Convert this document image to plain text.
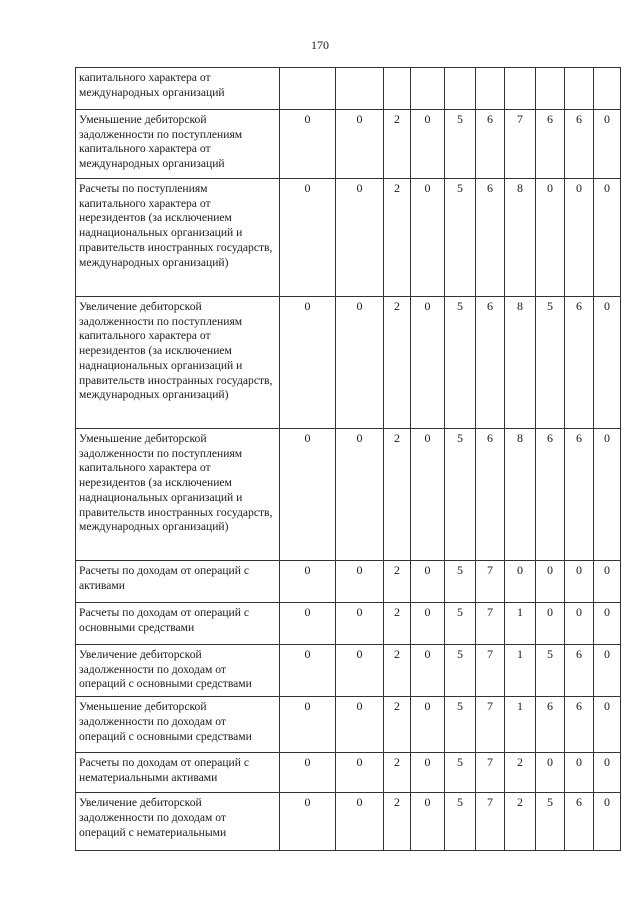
170
капитального характера от международных организаций										
Уменьшение дебиторской задолженности по поступлениям капитального характера от международных организаций	0	0	2	0	5	6	7	6	6	0
Расчеты по поступлениям капитального характера от нерезидентов (за исключением наднациональных организаций и правительств иностранных государств, международных организаций)	0	0	2	0	5	6	8	0	0	0
Увеличение дебиторской задолженности по поступлениям капитального характера от нерезидентов (за исключением наднациональных организаций и правительств иностранных государств, международных организаций)	0	0	2	0	5	6	8	5	6	0
Уменьшение дебиторской задолженности по поступлениям капитального характера от нерезидентов (за исключением наднациональных организаций и правительств иностранных государств, международных организаций)	0	0	2	0	5	6	8	6	6	0
Расчеты по доходам от операций с активами	0	0	2	0	5	7	0	0	0	0
Расчеты по доходам от операций с основными средствами	0	0	2	0	5	7	1	0	0	0
Увеличение дебиторской задолженности по доходам от операций с основными средствами	0	0	2	0	5	7	1	5	6	0
Уменьшение дебиторской задолженности по доходам от операций с основными средствами	0	0	2	0	5	7	1	6	6	0
Расчеты по доходам от операций с нематериальными активами	0	0	2	0	5	7	2	0	0	0
Увеличение дебиторской задолженности по доходам от операций с нематериальными	0	0	2	0	5	7	2	5	6	0
